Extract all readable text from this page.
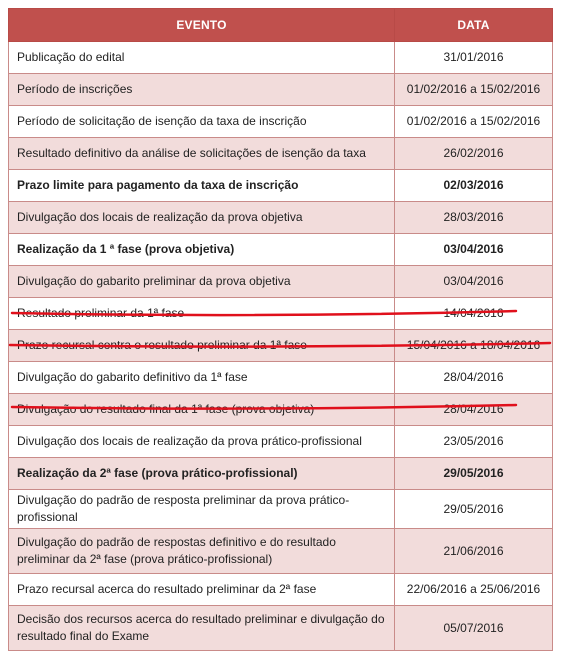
EVENTO	DATA
Publicação do edital	31/01/2016
Período de inscrições	01/02/2016 a 15/02/2016
Período de solicitação de isenção da taxa de inscrição	01/02/2016 a 15/02/2016
Resultado definitivo da análise de solicitações de isenção da taxa	26/02/2016
Prazo limite para pagamento da taxa de inscrição	02/03/2016
Divulgação dos locais de realização da prova objetiva	28/03/2016
Realização da 1 ª fase (prova objetiva)	03/04/2016
Divulgação do gabarito preliminar da prova objetiva	03/04/2016
Resultado preliminar da 1ª fase	14/04/2016
Prazo recursal contra o resultado preliminar da 1ª fase	15/04/2016 a 18/04/2016
Divulgação do gabarito definitivo da 1ª fase	28/04/2016
Divulgação do resultado final da 1ª fase (prova objetiva)	28/04/2016
Divulgação dos locais de realização da prova prático-profissional	23/05/2016
Realização da 2ª fase (prova prático-profissional)	29/05/2016
Divulgação do padrão de resposta preliminar da prova prático-profissional	29/05/2016
Divulgação do padrão de respostas definitivo e do resultado preliminar da 2ª fase (prova prático-profissional)	21/06/2016
Prazo recursal acerca do resultado preliminar da 2ª fase	22/06/2016 a 25/06/2016
Decisão dos recursos acerca do resultado preliminar e divulgação do resultado final do Exame	05/07/2016
